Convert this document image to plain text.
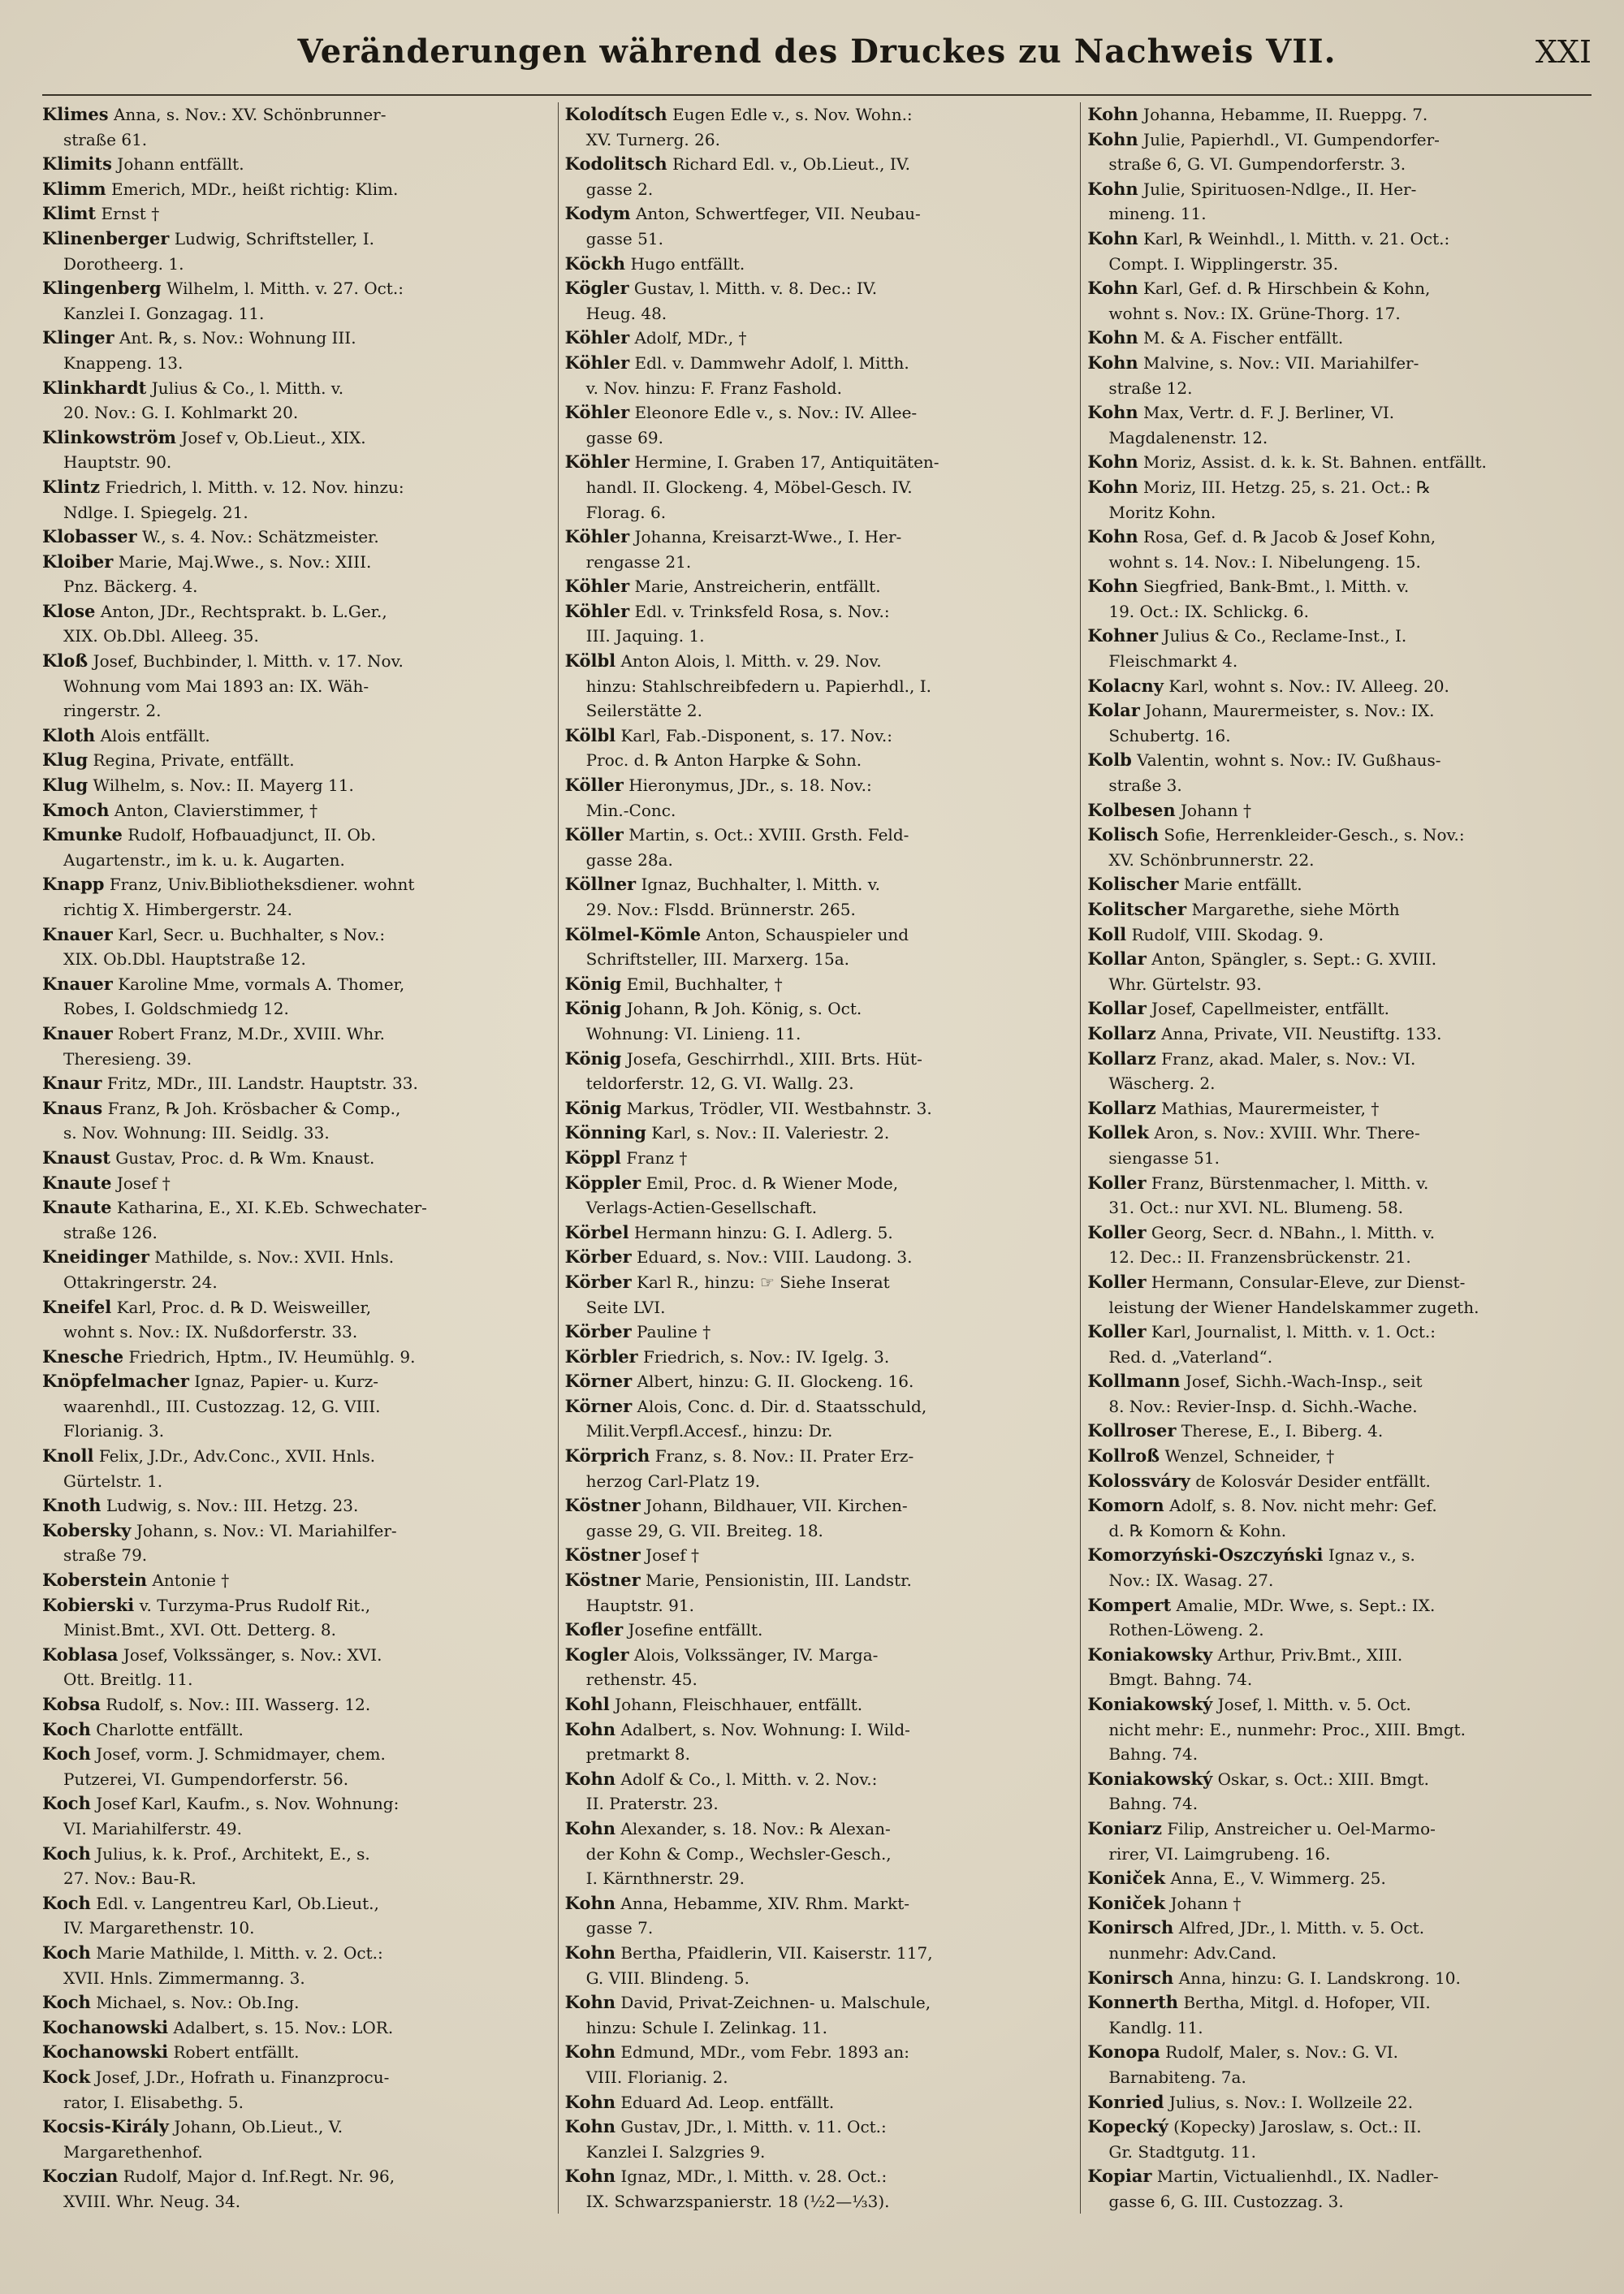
Veränderungen während des Druckes zu Nachweis VII.	XXI
Klimes Anna, s. Nov.: XV. Schönbrunner-
straße 61.
Klimits Johann entfällt.
Klimm Emerich, MDr., heißt richtig: Klim.
Klimt Ernst †
Klinenberger Ludwig, Schriftsteller, I.
Dorotheerg. 1.
Klingenberg Wilhelm, l. Mitth. v. 27. Oct.:
Kanzlei I. Gonzagag. 11.
Klinger Ant. ℞, s. Nov.: Wohnung III.
Knappeng. 13.
Klinkhardt Julius & Co., l. Mitth. v.
20. Nov.: G. I. Kohlmarkt 20.
Klinkowström Josef v, Ob.Lieut., XIX.
Hauptstr. 90.
Klintz Friedrich, l. Mitth. v. 12. Nov. hinzu:
Ndlge. I. Spiegelg. 21.
Klobasser W., s. 4. Nov.: Schätzmeister.
Kloiber Marie, Maj.Wwe., s. Nov.: XIII.
Pnz. Bäckerg. 4.
Klose Anton, JDr., Rechtsprakt. b. L.Ger.,
XIX. Ob.Dbl. Alleeg. 35.
Kloß Josef, Buchbinder, l. Mitth. v. 17. Nov.
Wohnung vom Mai 1893 an: IX. Wäh-
ringerstr. 2.
Kloth Alois entfällt.
Klug Regina, Private, entfällt.
Klug Wilhelm, s. Nov.: II. Mayerg 11.
Kmoch Anton, Clavierstimmer, †
Kmunke Rudolf, Hofbauadjunct, II. Ob.
Augartenstr., im k. u. k. Augarten.
Knapp Franz, Univ.Bibliotheksdiener. wohnt
richtig X. Himbergerstr. 24.
Knauer Karl, Secr. u. Buchhalter, s Nov.:
XIX. Ob.Dbl. Hauptstraße 12.
Knauer Karoline Mme, vormals A. Thomer,
Robes, I. Goldschmiedg 12.
Knauer Robert Franz, M.Dr., XVIII. Whr.
Theresieng. 39.
Knaur Fritz, MDr., III. Landstr. Hauptstr. 33.
Knaus Franz, ℞ Joh. Krösbacher & Comp.,
s. Nov. Wohnung: III. Seidlg. 33.
Knaust Gustav, Proc. d. ℞ Wm. Knaust.
Knaute Josef †
Knaute Katharina, E., XI. K.Eb. Schwechater-
straße 126.
Kneidinger Mathilde, s. Nov.: XVII. Hnls.
Ottakringerstr. 24.
Kneifel Karl, Proc. d. ℞ D. Weisweiller,
wohnt s. Nov.: IX. Nußdorferstr. 33.
Knesche Friedrich, Hptm., IV. Heumühlg. 9.
Knöpfelmacher Ignaz, Papier- u. Kurz-
waarenhdl., III. Custozzag. 12, G. VIII.
Florianig. 3.
Knoll Felix, J.Dr., Adv.Conc., XVII. Hnls.
Gürtelstr. 1.
Knoth Ludwig, s. Nov.: III. Hetzg. 23.
Kobersky Johann, s. Nov.: VI. Mariahilfer-
straße 79.
Koberstein Antonie †
Kobierski v. Turzyma-Prus Rudolf Rit.,
Minist.Bmt., XVI. Ott. Detterg. 8.
Koblasa Josef, Volkssänger, s. Nov.: XVI.
Ott. Breitlg. 11.
Kobsa Rudolf, s. Nov.: III. Wasserg. 12.
Koch Charlotte entfällt.
Koch Josef, vorm. J. Schmidmayer, chem.
Putzerei, VI. Gumpendorferstr. 56.
Koch Josef Karl, Kaufm., s. Nov. Wohnung:
VI. Mariahilferstr. 49.
Koch Julius, k. k. Prof., Architekt, E., s.
27. Nov.: Bau-R.
Koch Edl. v. Langentreu Karl, Ob.Lieut.,
IV. Margarethenstr. 10.
Koch Marie Mathilde, l. Mitth. v. 2. Oct.:
XVII. Hnls. Zimmermanng. 3.
Koch Michael, s. Nov.: Ob.Ing.
Kochanowski Adalbert, s. 15. Nov.: LOR.
Kochanowski Robert entfällt.
Kock Josef, J.Dr., Hofrath u. Finanzprocu-
rator, I. Elisabethg. 5.
Kocsis-Király Johann, Ob.Lieut., V.
Margarethenhof.
Koczian Rudolf, Major d. Inf.Regt. Nr. 96,
XVIII. Whr. Neug. 34.
Kolodítsch Eugen Edle v., s. Nov. Wohn.:
XV. Turnerg. 26.
Kodolitsch Richard Edl. v., Ob.Lieut., IV.
gasse 2.
Kodym Anton, Schwertfeger, VII. Neubau-
gasse 51.
Köckh Hugo entfällt.
Kögler Gustav, l. Mitth. v. 8. Dec.: IV.
Heug. 48.
Köhler Adolf, MDr., †
Köhler Edl. v. Dammwehr Adolf, l. Mitth.
v. Nov. hinzu: F. Franz Fashold.
Köhler Eleonore Edle v., s. Nov.: IV. Allee-
gasse 69.
Köhler Hermine, I. Graben 17, Antiquitäten-
handl. II. Glockeng. 4, Möbel-Gesch. IV.
Florag. 6.
Köhler Johanna, Kreisarzt-Wwe., I. Her-
rengasse 21.
Köhler Marie, Anstreicherin, entfällt.
Köhler Edl. v. Trinksfeld Rosa, s. Nov.:
III. Jaquing. 1.
Kölbl Anton Alois, l. Mitth. v. 29. Nov.
hinzu: Stahlschreibfedern u. Papierhdl., I.
Seilerstätte 2.
Kölbl Karl, Fab.-Disponent, s. 17. Nov.:
Proc. d. ℞ Anton Harpke & Sohn.
Köller Hieronymus, JDr., s. 18. Nov.:
Min.-Conc.
Köller Martin, s. Oct.: XVIII. Grsth. Feld-
gasse 28a.
Köllner Ignaz, Buchhalter, l. Mitth. v.
29. Nov.: Flsdd. Brünnerstr. 265.
Kölmel-Kömle Anton, Schauspieler und
Schriftsteller, III. Marxerg. 15a.
König Emil, Buchhalter, †
König Johann, ℞ Joh. König, s. Oct.
Wohnung: VI. Linieng. 11.
König Josefa, Geschirrhdl., XIII. Brts. Hüt-
teldorferstr. 12, G. VI. Wallg. 23.
König Markus, Trödler, VII. Westbahnstr. 3.
Könning Karl, s. Nov.: II. Valeriestr. 2.
Köppl Franz †
Köppler Emil, Proc. d. ℞ Wiener Mode,
Verlags-Actien-Gesellschaft.
Körbel Hermann hinzu: G. I. Adlerg. 5.
Körber Eduard, s. Nov.: VIII. Laudong. 3.
Körber Karl R., hinzu: ☞ Siehe Inserat
Seite LVI.
Körber Pauline †
Körbler Friedrich, s. Nov.: IV. Igelg. 3.
Körner Albert, hinzu: G. II. Glockeng. 16.
Körner Alois, Conc. d. Dir. d. Staatsschuld,
Milit.Verpfl.Accesf., hinzu: Dr.
Körprich Franz, s. 8. Nov.: II. Prater Erz-
herzog Carl-Platz 19.
Köstner Johann, Bildhauer, VII. Kirchen-
gasse 29, G. VII. Breiteg. 18.
Köstner Josef †
Köstner Marie, Pensionistin, III. Landstr.
Hauptstr. 91.
Kofler Josefine entfällt.
Kogler Alois, Volkssänger, IV. Marga-
rethenstr. 45.
Kohl Johann, Fleischhauer, entfällt.
Kohn Adalbert, s. Nov. Wohnung: I. Wild-
pretmarkt 8.
Kohn Adolf & Co., l. Mitth. v. 2. Nov.:
II. Praterstr. 23.
Kohn Alexander, s. 18. Nov.: ℞ Alexan-
der Kohn & Comp., Wechsler-Gesch.,
I. Kärnthnerstr. 29.
Kohn Anna, Hebamme, XIV. Rhm. Markt-
gasse 7.
Kohn Bertha, Pfaidlerin, VII. Kaiserstr. 117,
G. VIII. Blindeng. 5.
Kohn David, Privat-Zeichnen- u. Malschule,
hinzu: Schule I. Zelinkag. 11.
Kohn Edmund, MDr., vom Febr. 1893 an:
VIII. Florianig. 2.
Kohn Eduard Ad. Leop. entfällt.
Kohn Gustav, JDr., l. Mitth. v. 11. Oct.:
Kanzlei I. Salzgries 9.
Kohn Ignaz, MDr., l. Mitth. v. 28. Oct.:
IX. Schwarzspanierstr. 18 (½2—⅓3).
Kohn Johanna, Hebamme, II. Rueppg. 7.
Kohn Julie, Papierhdl., VI. Gumpendorfer-
straße 6, G. VI. Gumpendorferstr. 3.
Kohn Julie, Spirituosen-Ndlge., II. Her-
mineng. 11.
Kohn Karl, ℞ Weinhdl., l. Mitth. v. 21. Oct.:
Compt. I. Wipplingerstr. 35.
Kohn Karl, Gef. d. ℞ Hirschbein & Kohn,
wohnt s. Nov.: IX. Grüne-Thorg. 17.
Kohn M. & A. Fischer entfällt.
Kohn Malvine, s. Nov.: VII. Mariahilfer-
straße 12.
Kohn Max, Vertr. d. F. J. Berliner, VI.
Magdalenenstr. 12.
Kohn Moriz, Assist. d. k. k. St. Bahnen. entfällt.
Kohn Moriz, III. Hetzg. 25, s. 21. Oct.: ℞
Moritz Kohn.
Kohn Rosa, Gef. d. ℞ Jacob & Josef Kohn,
wohnt s. 14. Nov.: I. Nibelungeng. 15.
Kohn Siegfried, Bank-Bmt., l. Mitth. v.
19. Oct.: IX. Schlickg. 6.
Kohner Julius & Co., Reclame-Inst., I.
Fleischmarkt 4.
Kolacny Karl, wohnt s. Nov.: IV. Alleeg. 20.
Kolar Johann, Maurermeister, s. Nov.: IX.
Schubertg. 16.
Kolb Valentin, wohnt s. Nov.: IV. Gußhaus-
straße 3.
Kolbesen Johann †
Kolisch Sofie, Herrenkleider-Gesch., s. Nov.:
XV. Schönbrunnerstr. 22.
Kolischer Marie entfällt.
Kolitscher Margarethe, siehe Mörth
Koll Rudolf, VIII. Skodag. 9.
Kollar Anton, Spängler, s. Sept.: G. XVIII.
Whr. Gürtelstr. 93.
Kollar Josef, Capellmeister, entfällt.
Kollarz Anna, Private, VII. Neustiftg. 133.
Kollarz Franz, akad. Maler, s. Nov.: VI.
Wäscherg. 2.
Kollarz Mathias, Maurermeister, †
Kollek Aron, s. Nov.: XVIII. Whr. There-
siengasse 51.
Koller Franz, Bürstenmacher, l. Mitth. v.
31. Oct.: nur XVI. NL. Blumeng. 58.
Koller Georg, Secr. d. NBahn., l. Mitth. v.
12. Dec.: II. Franzensbrückenstr. 21.
Koller Hermann, Consular-Eleve, zur Dienst-
leistung der Wiener Handelskammer zugeth.
Koller Karl, Journalist, l. Mitth. v. 1. Oct.:
Red. d. „Vaterland“.
Kollmann Josef, Sichh.-Wach-Insp., seit
8. Nov.: Revier-Insp. d. Sichh.-Wache.
Kollroser Therese, E., I. Biberg. 4.
Kollroß Wenzel, Schneider, †
Kolossváry de Kolosvár Desider entfällt.
Komorn Adolf, s. 8. Nov. nicht mehr: Gef.
d. ℞ Komorn & Kohn.
Komorzyński-Oszczyński Ignaz v., s.
Nov.: IX. Wasag. 27.
Kompert Amalie, MDr. Wwe, s. Sept.: IX.
Rothen-Löweng. 2.
Koniakowsky Arthur, Priv.Bmt., XIII.
Bmgt. Bahng. 74.
Koniakowský Josef, l. Mitth. v. 5. Oct.
nicht mehr: E., nunmehr: Proc., XIII. Bmgt.
Bahng. 74.
Koniakowský Oskar, s. Oct.: XIII. Bmgt.
Bahng. 74.
Koniarz Filip, Anstreicher u. Oel-Marmo-
rirer, VI. Laimgrubeng. 16.
Koniček Anna, E., V. Wimmerg. 25.
Koniček Johann †
Konirsch Alfred, JDr., l. Mitth. v. 5. Oct.
nunmehr: Adv.Cand.
Konirsch Anna, hinzu: G. I. Landskrong. 10.
Konnerth Bertha, Mitgl. d. Hofoper, VII.
Kandlg. 11.
Konopa Rudolf, Maler, s. Nov.: G. VI.
Barnabiteng. 7a.
Konried Julius, s. Nov.: I. Wollzeile 22.
Kopecký (Kopecky) Jaroslaw, s. Oct.: II.
Gr. Stadtgutg. 11.
Kopiar Martin, Victualienhdl., IX. Nadler-
gasse 6, G. III. Custozzag. 3.
